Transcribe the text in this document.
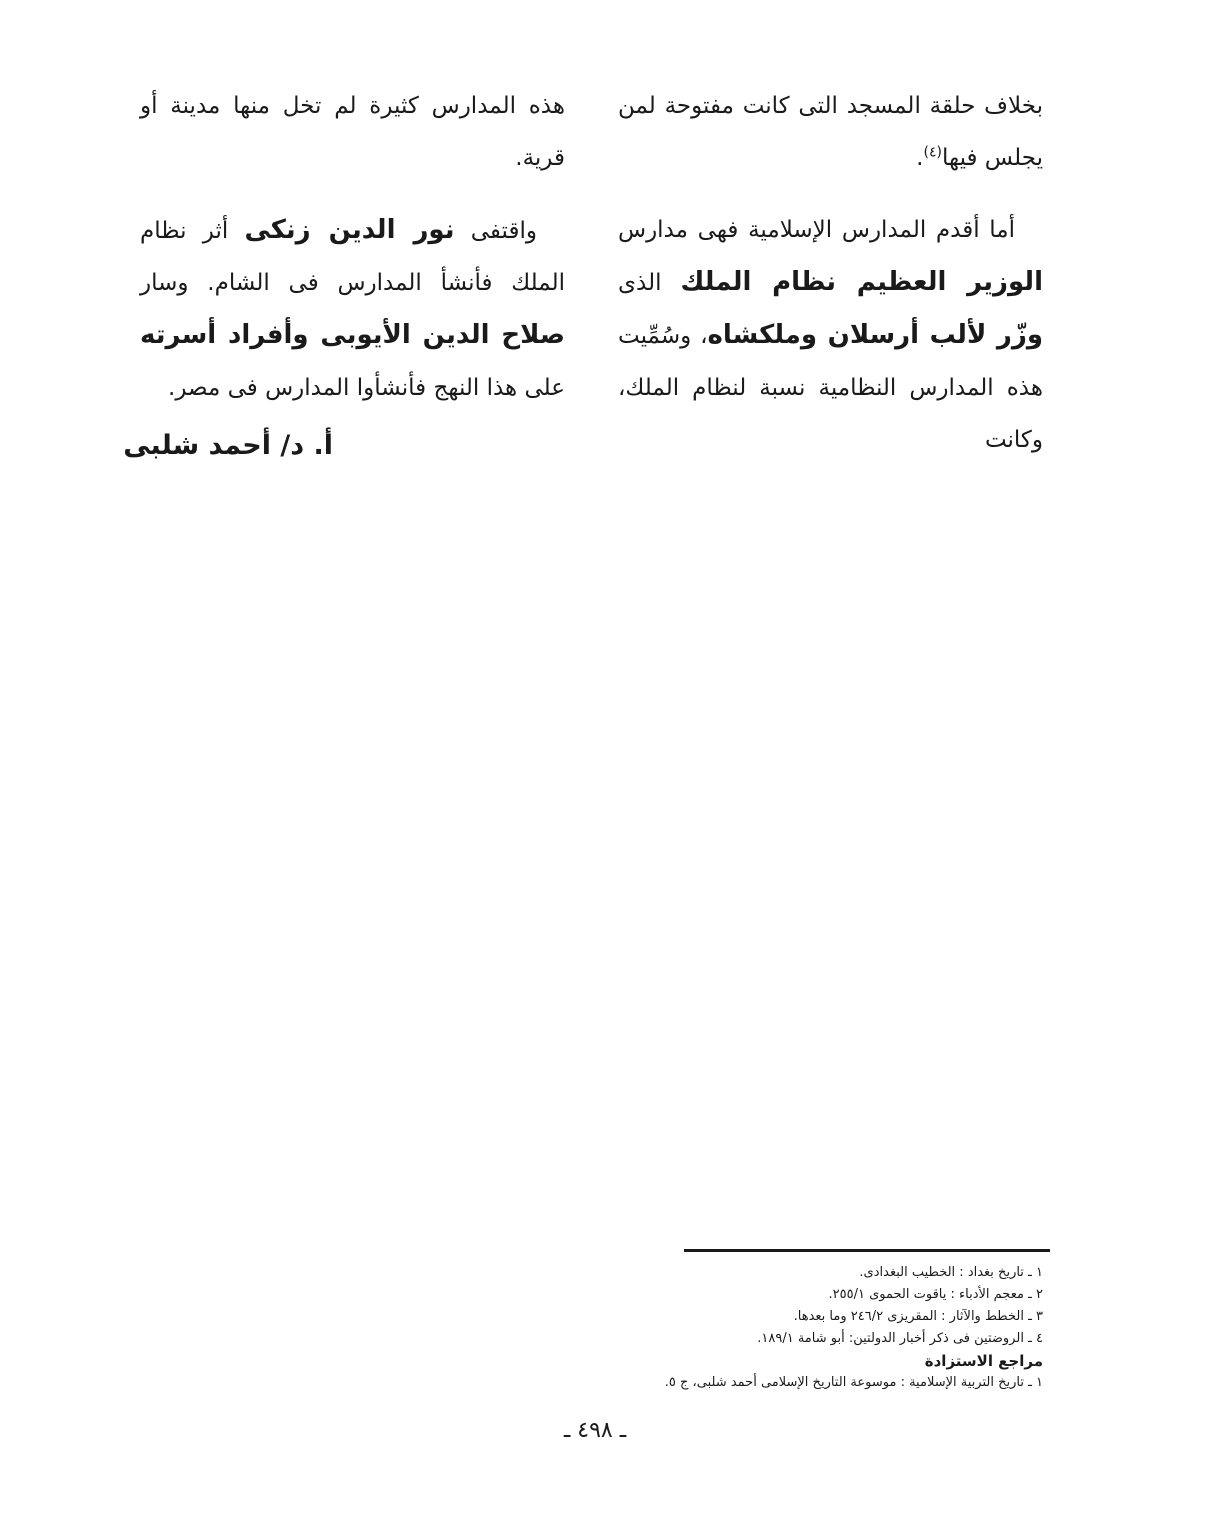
بخلاف حلقة المسجد التى كانت مفتوحة لمن يجلس فيها$^{(٤)}$.

أما أقدم المدارس الإسلامية فهى مدارس الوزير العظيم نظام الملك الذى وزّر لألب أرسلان وملكشاه، وسُمِّيت هذه المدارس النظامية نسبة لنظام الملك، وكانت

هذه المدارس كثيرة لم تخل منها مدينة أو قرية.

واقتفى نور الدين زنكى أثر نظام الملك فأنشأ المدارس فى الشام. وسار صلاح الدين الأيوبى وأفراد أسرته على هذا النهج فأنشأوا المدارس فى مصر.

أ. د/ أحمد شلبى
١ ـ تاريخ بغداد : الخطيب البغدادى.
٢ ـ معجم الأدباء : ياقوت الحموى ٢٥٥/١.
٣ ـ الخطط والآثار : المقريزى ٢٤٦/٢ وما بعدها.
٤ ـ الروضتين فى ذكر أخبار الدولتين: أبو شامة ١٨٩/١.
مراجع الاستزادة
١ ـ تاريخ التربية الإسلامية : موسوعة التاريخ الإسلامى أحمد شلبى، ج ٥.
ـ ٤٩٨ ـ
